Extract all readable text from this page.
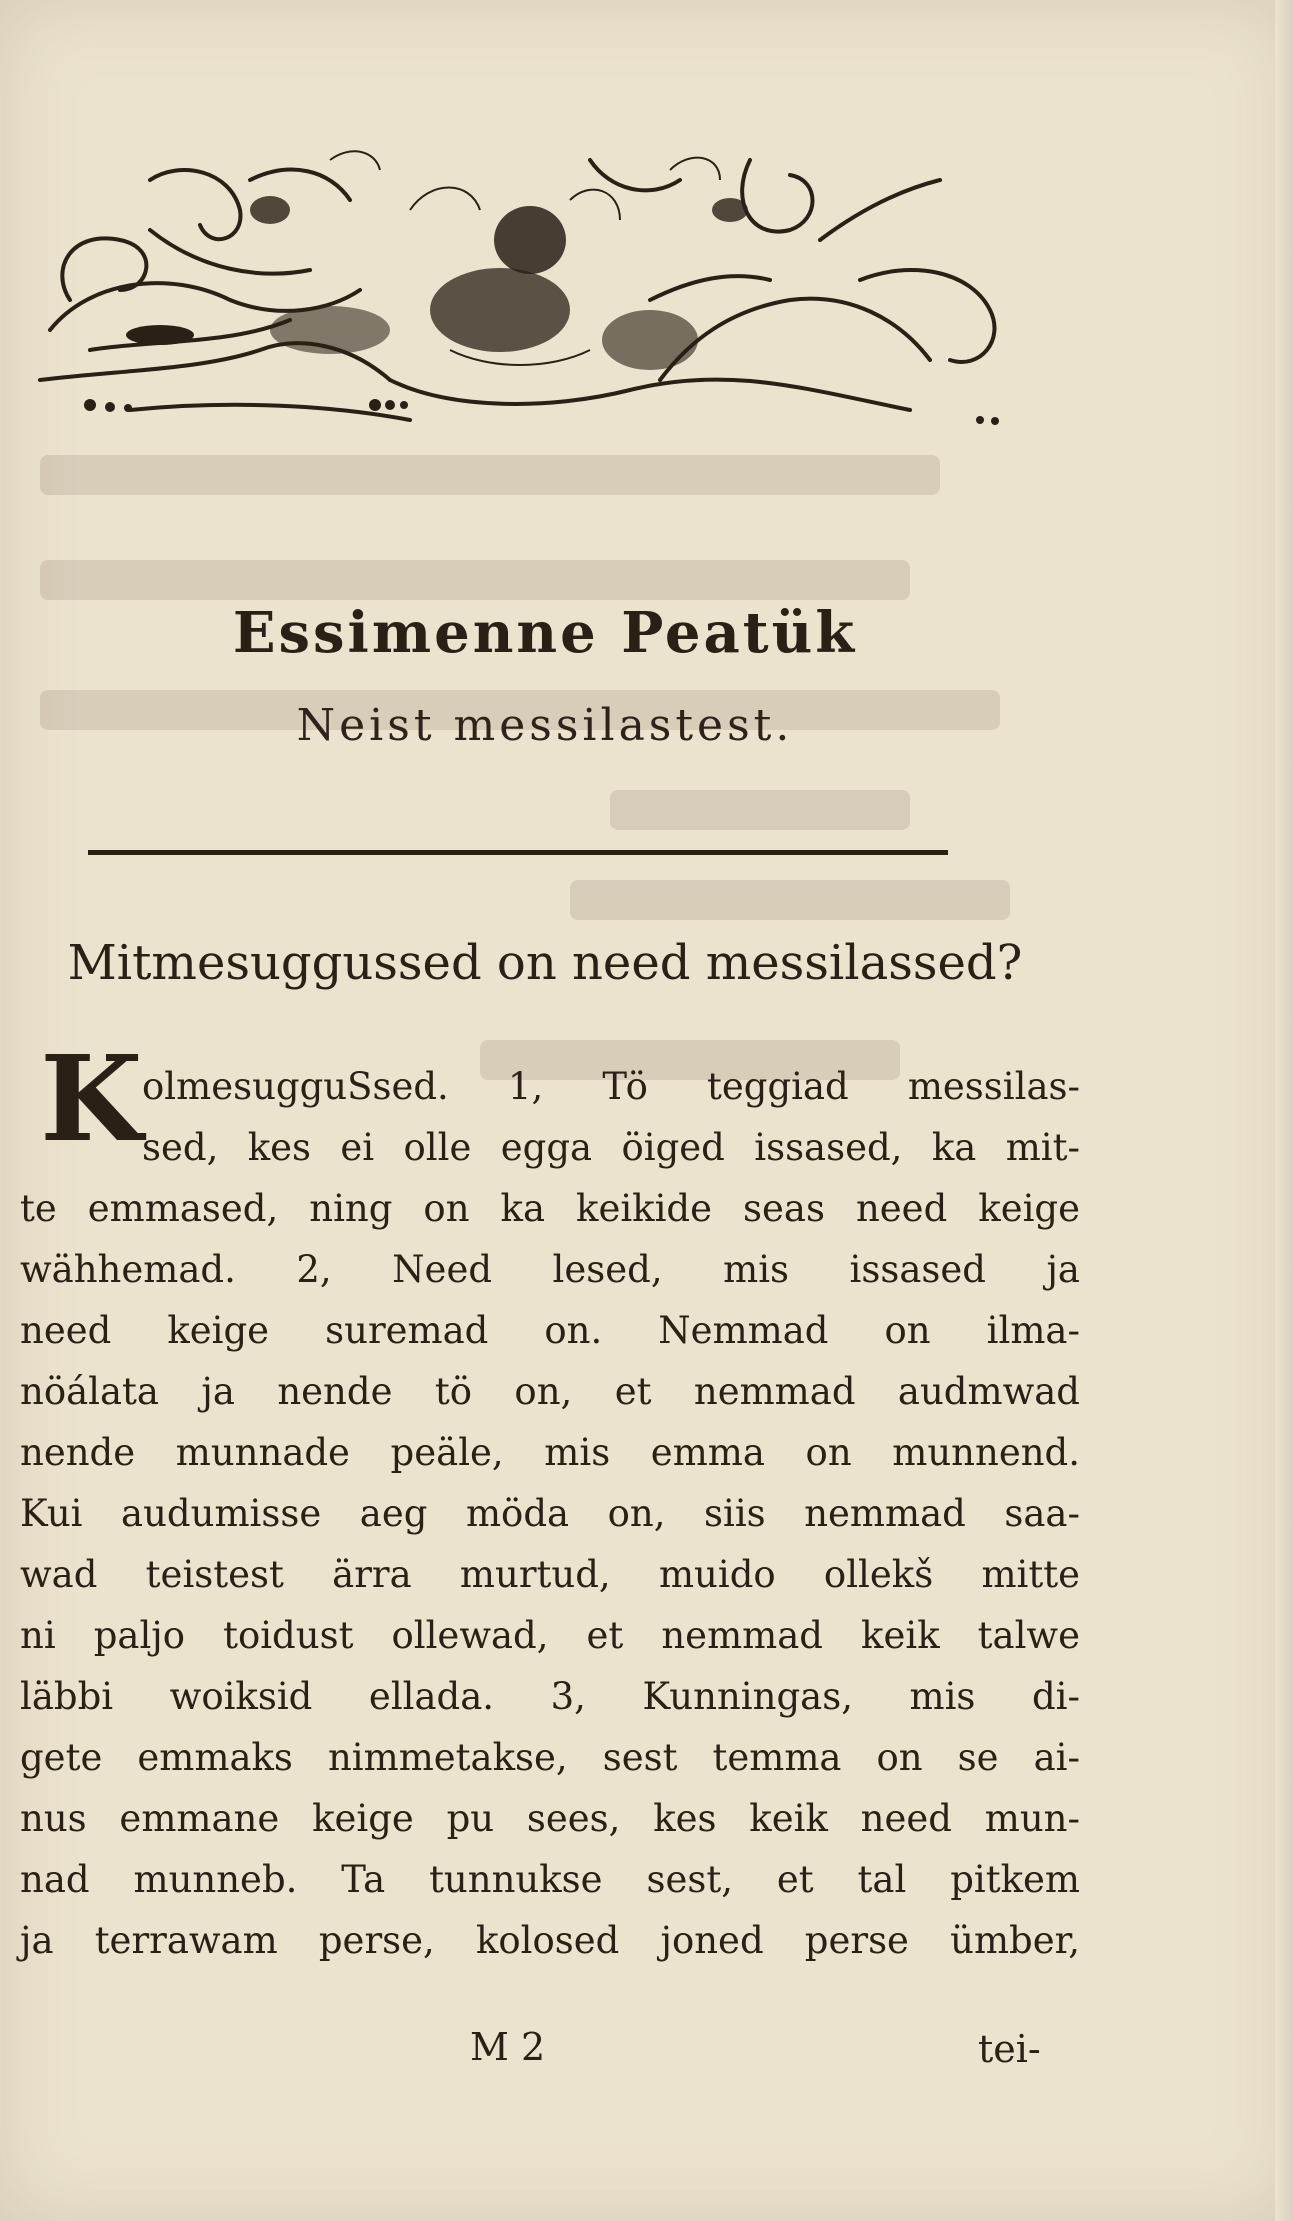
Essimenne Peatük
Neist messilastest.
Mitmesuggussed on need messilassed?
K olmesugguSsed. 1, Tö teggiad messilas-
sed, kes ei olle egga öiged issased, ka mit-
te emmased, ning on ka keikide seas need keige
wähhemad. 2, Need lesed, mis issased ja
need keige suremad on. Nemmad on ilma-
nöálata ja nende tö on, et nemmad audmwad
nende munnade peäle, mis emma on munnend.
Kui audumisse aeg möda on, siis nemmad saa-
wad teistest ärra murtud, muido ollekš mitte
ni paljo toidust ollewad, et nemmad keik talwe
läbbi woiksid ellada. 3, Kunningas, mis di-
gete emmaks nimmetakse, sest temma on se ai-
nus emmane keige pu sees, kes keik need mun-
nad munneb. Ta tunnukse sest, et tal pitkem
ja terrawam perse, kolosed joned perse ümber,
M 2	tei-
